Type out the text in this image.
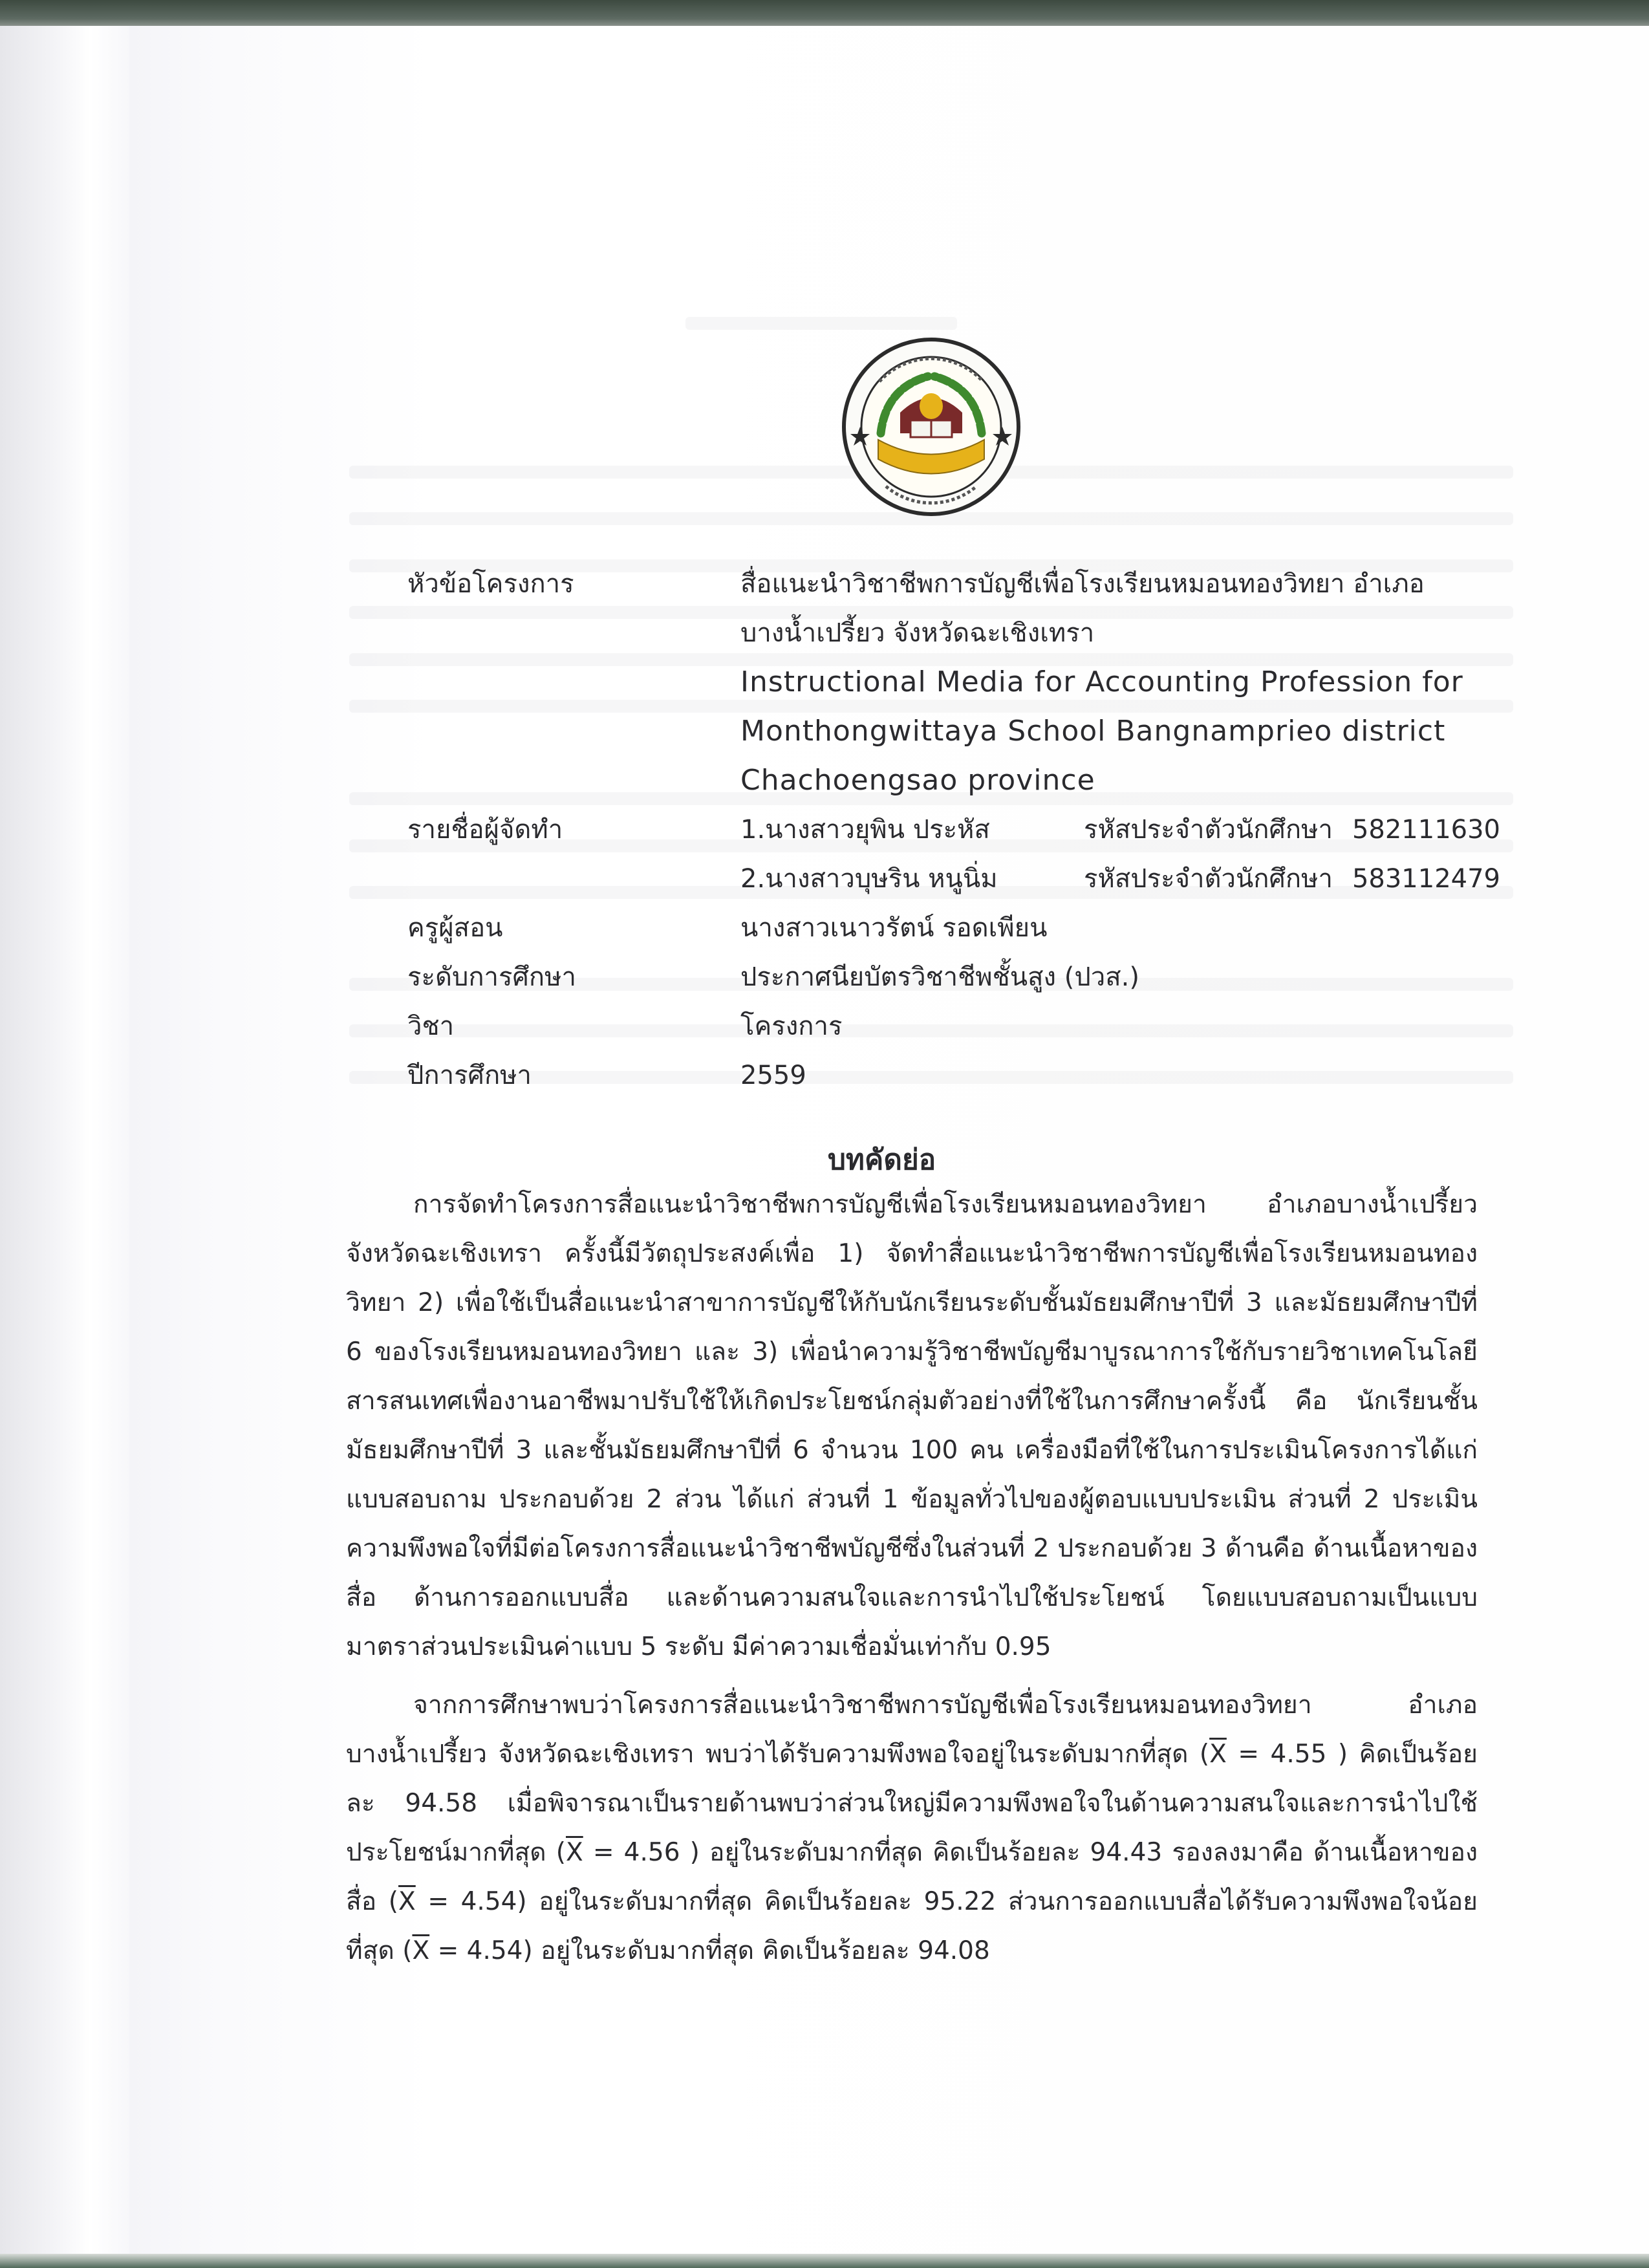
หัวข้อโครงการ	สื่อแนะนำวิชาชีพการบัญชีเพื่อโรงเรียนหมอนทองวิทยา อำเภอ
บางน้ำเปรี้ยว จังหวัดฉะเชิงเทรา
Instructional Media for Accounting Profession for
Monthongwittaya School Bangnamprieo district
Chachoengsao province
รายชื่อผู้จัดทำ	1.นางสาวยุพิน ประหัส	รหัสประจำตัวนักศึกษา 582111630
2.นางสาวบุษริน หนูนิ่ม	รหัสประจำตัวนักศึกษา 583112479
ครูผู้สอน	นางสาวเนาวรัตน์ รอดเพียน
ระดับการศึกษา	ประกาศนียบัตรวิชาชีพชั้นสูง (ปวส.)
วิชา	โครงการ
ปีการศึกษา	2559
บทคัดย่อ

การจัดทำโครงการสื่อแนะนำวิชาชีพการบัญชีเพื่อโรงเรียนหมอนทองวิทยา อำเภอบางน้ำเปรี้ยว จังหวัดฉะเชิงเทรา ครั้งนี้มีวัตถุประสงค์เพื่อ 1) จัดทำสื่อแนะนำวิชาชีพการบัญชีเพื่อโรงเรียนหมอนทองวิทยา 2) เพื่อใช้เป็นสื่อแนะนำสาขาการบัญชีให้กับนักเรียนระดับชั้นมัธยมศึกษาปีที่ 3 และมัธยมศึกษาปีที่ 6 ของโรงเรียนหมอนทองวิทยา และ 3) เพื่อนำความรู้วิชาชีพบัญชีมาบูรณาการใช้กับรายวิชาเทคโนโลยีสารสนเทศเพื่องานอาชีพมาปรับใช้ให้เกิดประโยชน์กลุ่มตัวอย่างที่ใช้ในการศึกษาครั้งนี้ คือ นักเรียนชั้นมัธยมศึกษาปีที่ 3 และชั้นมัธยมศึกษาปีที่ 6 จำนวน 100 คน เครื่องมือที่ใช้ในการประเมินโครงการได้แก่ แบบสอบถาม ประกอบด้วย 2 ส่วน ได้แก่ ส่วนที่ 1 ข้อมูลทั่วไปของผู้ตอบแบบประเมิน ส่วนที่ 2 ประเมินความพึงพอใจที่มีต่อโครงการสื่อแนะนำวิชาชีพบัญชีซึ่งในส่วนที่ 2 ประกอบด้วย 3 ด้านคือ ด้านเนื้อหาของสื่อ ด้านการออกแบบสื่อ และด้านความสนใจและการนำไปใช้ประโยชน์ โดยแบบสอบถามเป็นแบบมาตราส่วนประเมินค่าแบบ 5 ระดับ มีค่าความเชื่อมั่นเท่ากับ 0.95

จากการศึกษาพบว่าโครงการสื่อแนะนำวิชาชีพการบัญชีเพื่อโรงเรียนหมอนทองวิทยา อำเภอบางน้ำเปรี้ยว จังหวัดฉะเชิงเทรา พบว่าได้รับความพึงพอใจอยู่ในระดับมากที่สุด ($\overline{X} = 4.55$ ) คิดเป็นร้อยละ 94.58 เมื่อพิจารณาเป็นรายด้านพบว่าส่วนใหญ่มีความพึงพอใจในด้านความสนใจและการนำไปใช้ประโยชน์มากที่สุด ($\overline{X} = 4.56$ ) อยู่ในระดับมากที่สุด คิดเป็นร้อยละ 94.43 รองลงมาคือ ด้านเนื้อหาของสื่อ $(\overline{X} = 4.54)$ อยู่ในระดับมากที่สุด คิดเป็นร้อยละ 95.22 ส่วนการออกแบบสื่อได้รับความพึงพอใจน้อยที่สุด $(\overline{X} = 4.54)$ อยู่ในระดับมากที่สุด คิดเป็นร้อยละ 94.08
